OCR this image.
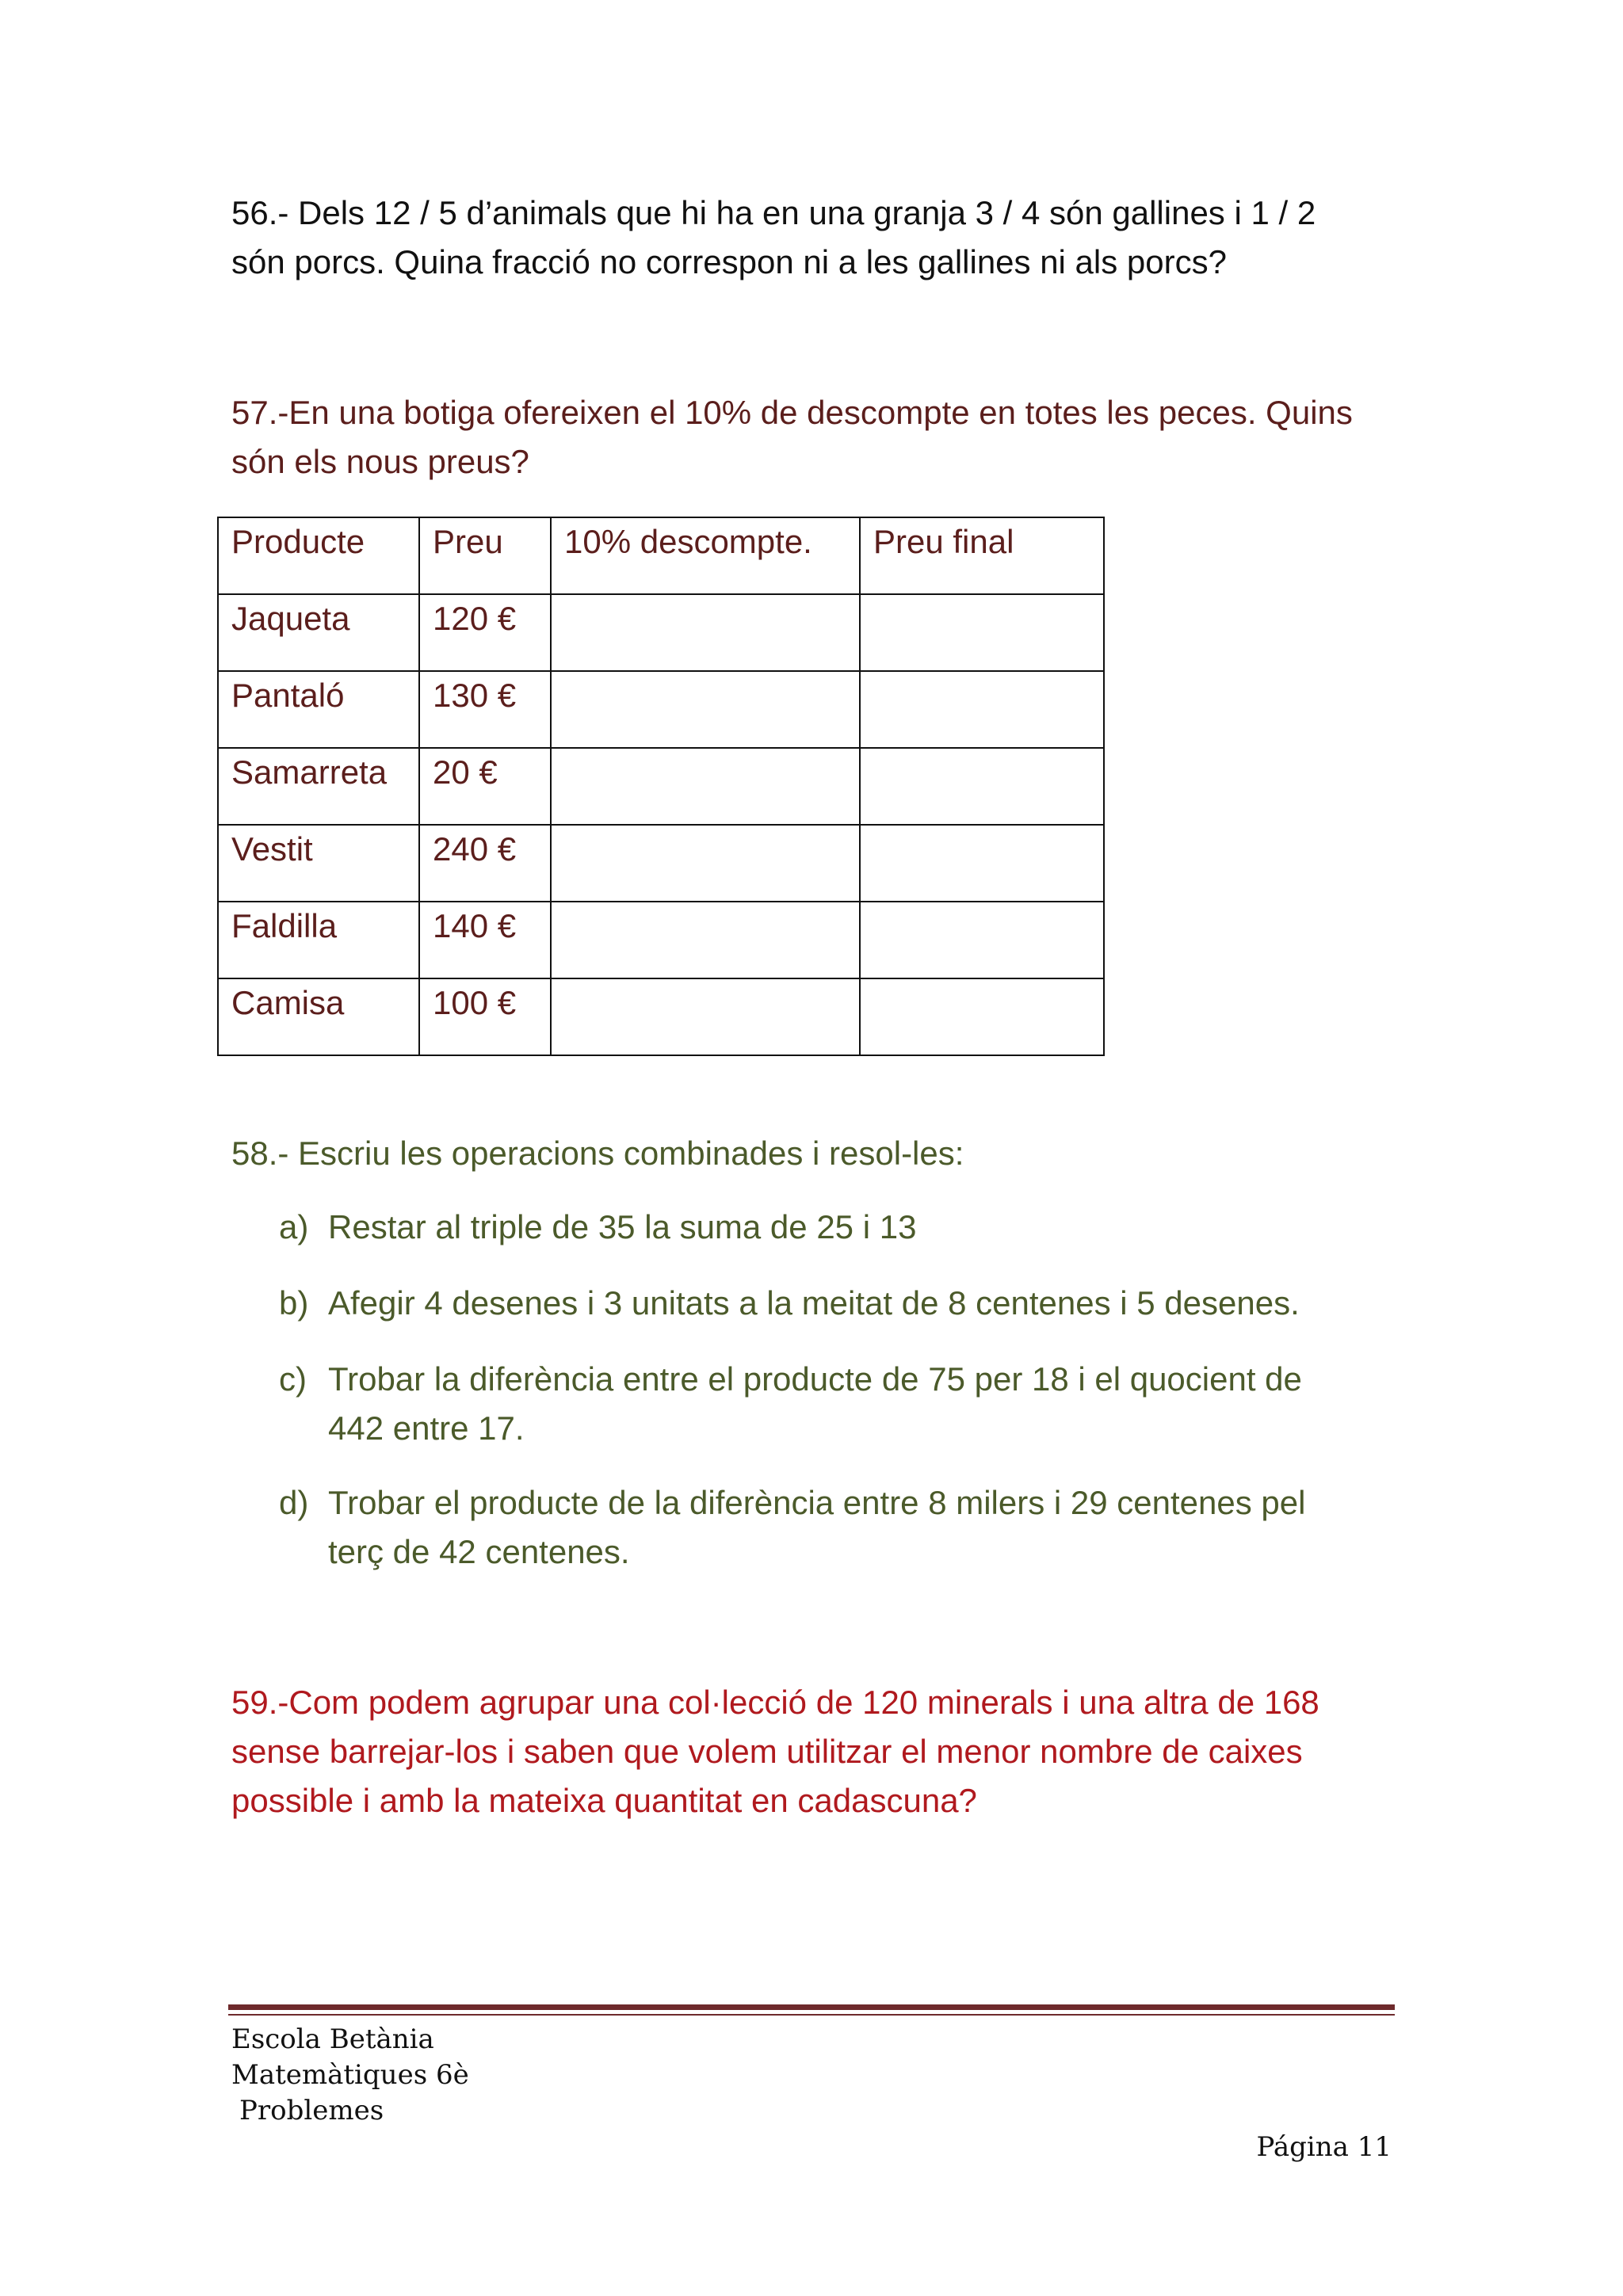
56.- Dels 12 / 5 d’animals que hi ha en una granja 3 / 4 són gallines i 1 / 2
són porcs. Quina fracció no correspon ni a les gallines ni als porcs?
57.-En una botiga ofereixen el 10% de descompte en totes les peces. Quins
són els nous preus?
Producte	Preu	10% descompte.	Preu final
Jaqueta	120 €		
Pantaló	130 €		
Samarreta	20 €		
Vestit	240 €		
Faldilla	140 €		
Camisa	100 €		
58.- Escriu les operacions combinades i resol-les:
a) Restar al triple de 35 la suma de 25 i 13
b) Afegir 4 desenes i 3 unitats a la meitat de 8 centenes i 5 desenes.
c) Trobar la diferència entre el producte de 75 per 18 i el quocient de
442 entre 17.
d) Trobar el producte de la diferència entre 8 milers i 29 centenes pel
terç de 42 centenes.
59.-Com podem agrupar una col·lecció de 120 minerals i una altra de 168
sense barrejar-los i saben que volem utilitzar el menor nombre de caixes
possible i amb la mateixa quantitat en cadascuna?
Escola Betània
Matemàtiques 6è
Problemes
Página 11
